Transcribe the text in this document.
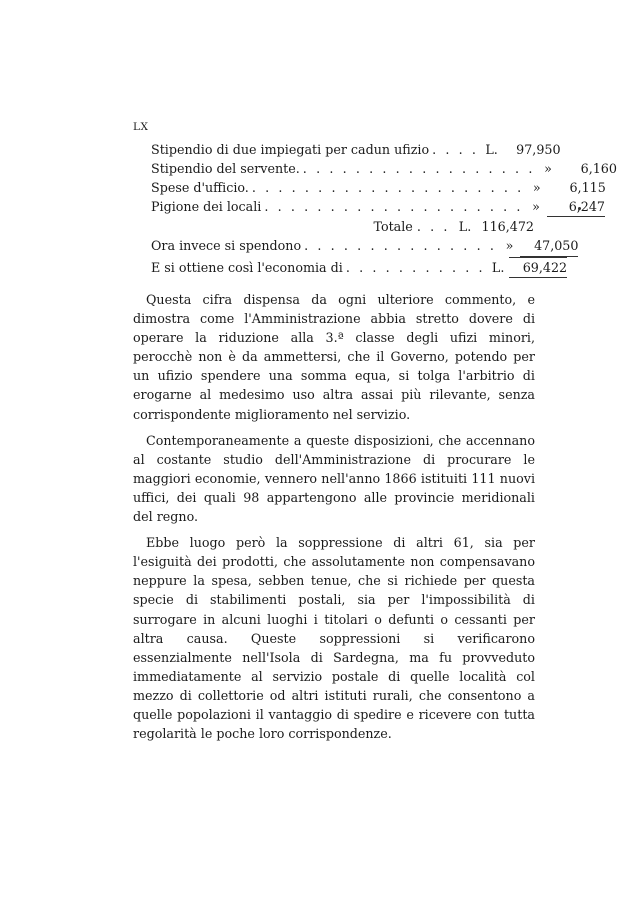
LX
Stipendio di due impiegati per cadun ufizio . . . . L.	97,950
Stipendio del servente. . . . . . . . . . . . . . . . . . . »	6,160
Spese d'ufficio. . . . . . . . . . . . . . . . . . . . . . »	6,115
Pigione dei locali . . . . . . . . . . . . . . . . . . . . »	6,247
Totale . . . L. 116,472
Ora invece si spendono . . . . . . . . . . . . . . . »	47,050
E si ottiene così l'economia di . . . . . . . . . . . L.	69,422

Questa cifra dispensa da ogni ulteriore commento, e dimostra come l'Amministrazione abbia stretto dovere di operare la riduzione alla 3.ª classe degli ufizi minori, perocchè non è da ammettersi, che il Governo, potendo per un ufizio spendere una somma equa, si tolga l'arbitrio di erogarne al medesimo uso altra assai più rilevante, senza corrispondente miglioramento nel servizio.

Contemporaneamente a queste disposizioni, che accennano al costante studio dell'Amministrazione di procurare le maggiori economie, vennero nell'anno 1866 istituiti 111 nuovi uffici, dei quali 98 appartengono alle provincie meridionali del regno.

Ebbe luogo però la soppressione di altri 61, sia per l'esiguità dei prodotti, che assolutamente non compensavano neppure la spesa, sebben tenue, che si richiede per questa specie di stabilimenti postali, sia per l'impossibilità di surrogare in alcuni luoghi i titolari o defunti o cessanti per altra causa. Queste soppressioni si verificarono essenzialmente nell'Isola di Sardegna, ma fu provveduto immediatamente al servizio postale di quelle località col mezzo di collettorie od altri istituti rurali, che consentono a quelle popolazioni il vantaggio di spedire e ricevere con tutta regolarità le poche loro corrispondenze.
